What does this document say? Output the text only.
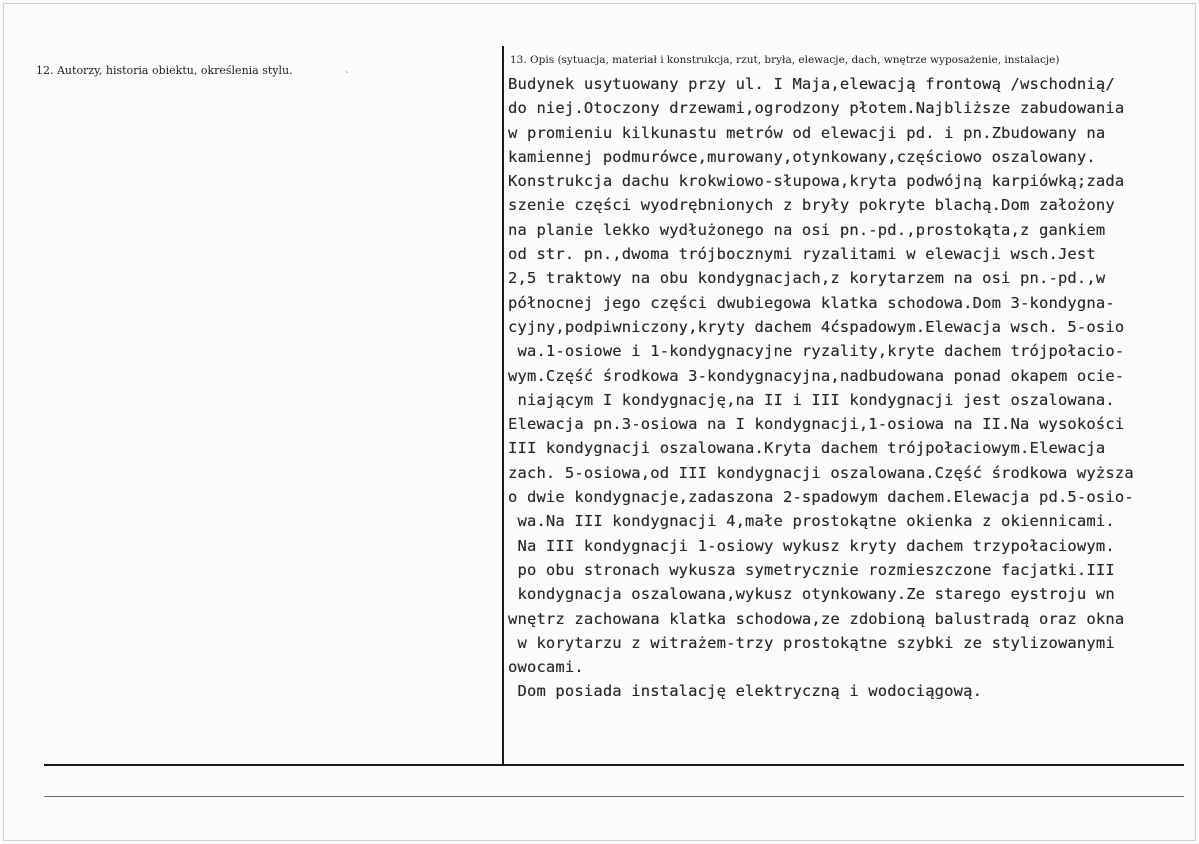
12. Autorzy, historia obiektu, określenia stylu.	ˎ
13. Opis (sytuacja, materiał i konstrukcja, rzut, bryła, elewacje, dach, wnętrze wyposażenie, instalacje)
Budynek usytuowany przy ul. I Maja,elewacją frontową /wschodnią/
do niej.Otoczony drzewami,ogrodzony płotem.Najbliższe zabudowania
w promieniu kilkunastu metrów od elewacji pd. i pn.Zbudowany na
kamiennej podmurówce,murowany,otynkowany,częściowo oszalowany.
Konstrukcja dachu krokwiowo-słupowa,kryta podwójną karpiówką;zada
szenie części wyodrębnionych z bryły pokryte blachą.Dom założony
na planie lekko wydłużonego na osi pn.-pd.,prostokąta,z gankiem
od str. pn.,dwoma trójbocznymi ryzalitami w elewacji wsch.Jest
2,5 traktowy na obu kondygnacjach,z korytarzem na osi pn.-pd.,w
północnej jego części dwubiegowa klatka schodowa.Dom 3-kondygna-
cyjny,podpiwniczony,kryty dachem 4ćspadowym.Elewacja wsch. 5-osio
wa.1-osiowe i 1-kondygnacyjne ryzality,kryte dachem trójpołacio-
wym.Część środkowa 3-kondygnacyjna,nadbudowana ponad okapem ocie-
niającym I kondygnację,na II i III kondygnacji jest oszalowana.
Elewacja pn.3-osiowa na I kondygnacji,1-osiowa na II.Na wysokości
III kondygnacji oszalowana.Kryta dachem trójpołaciowym.Elewacja
zach. 5-osiowa,od III kondygnacji oszalowana.Część środkowa wyższa
o dwie kondygnacje,zadaszona 2-spadowym dachem.Elewacja pd.5-osio-
wa.Na III kondygnacji 4,małe prostokątne okienka z okiennicami.
Na III kondygnacji 1-osiowy wykusz kryty dachem trzypołaciowym.
po obu stronach wykusza symetrycznie rozmieszczone facjatki.III
kondygnacja oszalowana,wykusz otynkowany.Ze starego eystroju wn
wnętrz zachowana klatka schodowa,ze zdobioną balustradą oraz okna
w korytarzu z witrażem-trzy prostokątne szybki ze stylizowanymi
owocami.
Dom posiada instalację elektryczną i wodociągową.
